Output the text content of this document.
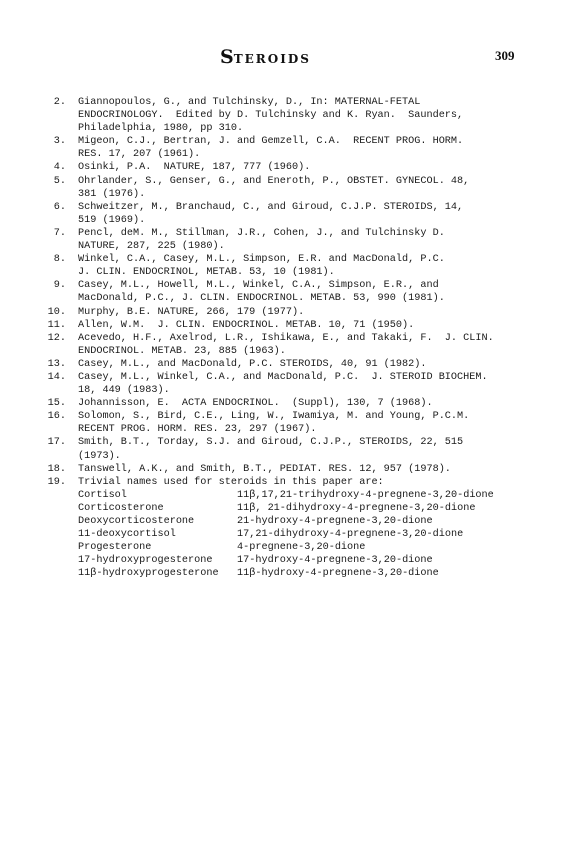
STEROIDS	309
2. Giannopoulos, G., and Tulchinsky, D., In: MATERNAL-FETAL
ENDOCRINOLOGY.  Edited by D. Tulchinsky and K. Ryan.  Saunders,
Philadelphia, 1980, pp 310.
3. Migeon, C.J., Bertran, J. and Gemzell, C.A.  RECENT PROG. HORM.
RES. 17, 207 (1961).
4. Osinki, P.A.  NATURE, 187, 777 (1960).
5. Ohrlander, S., Genser, G., and Eneroth, P., OBSTET. GYNECOL. 48,
381 (1976).
6. Schweitzer, M., Branchaud, C., and Giroud, C.J.P. STEROIDS, 14,
519 (1969).
7. Pencl, deM. M., Stillman, J.R., Cohen, J., and Tulchinsky D.
NATURE, 287, 225 (1980).
8. Winkel, C.A., Casey, M.L., Simpson, E.R. and MacDonald, P.C.
J. CLIN. ENDOCRINOL, METAB. 53, 10 (1981).
9. Casey, M.L., Howell, M.L., Winkel, C.A., Simpson, E.R., and
MacDonald, P.C., J. CLIN. ENDOCRINOL. METAB. 53, 990 (1981).
10. Murphy, B.E. NATURE, 266, 179 (1977).
11. Allen, W.M.  J. CLIN. ENDOCRINOL. METAB. 10, 71 (1950).
12. Acevedo, H.F., Axelrod, L.R., Ishikawa, E., and Takaki, F.  J. CLIN.
ENDOCRINOL. METAB. 23, 885 (1963).
13. Casey, M.L., and MacDonald, P.C. STEROIDS, 40, 91 (1982).
14. Casey, M.L., Winkel, C.A., and MacDonald, P.C.  J. STEROID BIOCHEM.
18, 449 (1983).
15. Johannisson, E.  ACTA ENDOCRINOL.  (Suppl), 130, 7 (1968).
16. Solomon, S., Bird, C.E., Ling, W., Iwamiya, M. and Young, P.C.M.
RECENT PROG. HORM. RES. 23, 297 (1967).
17. Smith, B.T., Torday, S.J. and Giroud, C.J.P., STEROIDS, 22, 515
(1973).
18. Tanswell, A.K., and Smith, B.T., PEDIAT. RES. 12, 957 (1978).
19. Trivial names used for steroids in this paper are:
Cortisol	11β,17,21-trihydroxy-4-pregnene-3,20-dione
Corticosterone	11β, 21-dihydroxy-4-pregnene-3,20-dione
Deoxycorticosterone	21-hydroxy-4-pregnene-3,20-dione
11-deoxycortisol	17,21-dihydroxy-4-pregnene-3,20-dione
Progesterone	4-pregnene-3,20-dione
17-hydroxyprogesterone	17-hydroxy-4-pregnene-3,20-dione
11β-hydroxyprogesterone	11β-hydroxy-4-pregnene-3,20-dione
